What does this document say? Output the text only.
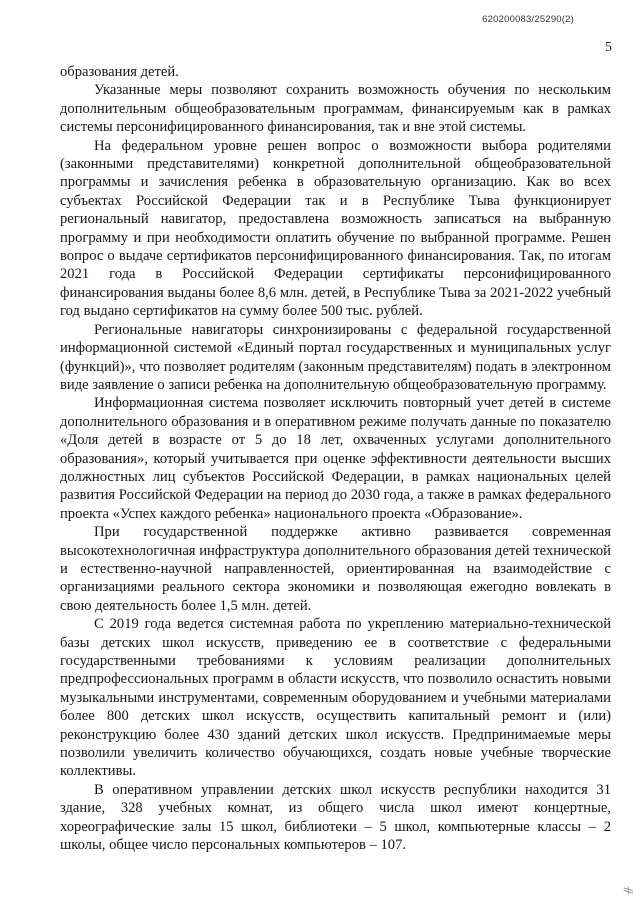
620200083/25290(2)
5

образования детей.

Указанные меры позволяют сохранить возможность обучения по нескольким дополнительным общеобразовательным программам, финансируемым как в рамках системы персонифицированного финансирования, так и вне этой системы.

На федеральном уровне решен вопрос о возможности выбора родителями (законными представителями) конкретной дополнительной общеобразовательной программы и зачисления ребенка в образовательную организацию. Как во всех субъектах Российской Федерации так и в Республике Тыва функционирует региональный навигатор, предоставлена возможность записаться на выбранную программу и при необходимости оплатить обучение по выбранной программе. Решен вопрос о выдаче сертификатов персонифицированного финансирования. Так, по итогам 2021 года в Российской Федерации сертификаты персонифицированного финансирования выданы более 8,6 млн. детей, в Республике Тыва за 2021-2022 учебный год выдано сертификатов на сумму более 500 тыс. рублей.

Региональные навигаторы синхронизированы с федеральной государственной информационной системой «Единый портал государственных и муниципальных услуг (функций)», что позволяет родителям (законным представителям) подать в электронном виде заявление о записи ребенка на дополнительную общеобразовательную программу.

Информационная система позволяет исключить повторный учет детей в системе дополнительного образования и в оперативном режиме получать данные по показателю «Доля детей в возрасте от 5 до 18 лет, охваченных услугами дополнительного образования», который учитывается при оценке эффективности деятельности высших должностных лиц субъектов Российской Федерации, в рамках национальных целей развития Российской Федерации на период до 2030 года, а также в рамках федерального проекта «Успех каждого ребенка» национального проекта «Образование».

При государственной поддержке активно развивается современная высокотехнологичная инфраструктура дополнительного образования детей технической и естественно-научной направленностей, ориентированная на взаимодействие с организациями реального сектора экономики и позволяющая ежегодно вовлекать в свою деятельность более 1,5 млн. детей.

С 2019 года ведется системная работа по укреплению материально-технической базы детских школ искусств, приведению ее в соответствие с федеральными государственными требованиями к условиям реализации дополнительных предпрофессиональных программ в области искусств, что позволило оснастить новыми музыкальными инструментами, современным оборудованием и учебными материалами более 800 детских школ искусств, осуществить капитальный ремонт и (или) реконструкцию более 430 зданий детских школ искусств. Предпринимаемые меры позволили увеличить количество обучающихся, создать новые учебные творческие коллективы.

В оперативном управлении детских школ искусств республики находится 31 здание, 328 учебных комнат, из общего числа школ имеют концертные, хореографические залы 15 школ, библиотеки – 5 школ, компьютерные классы – 2 школы, общее число персональных компьютеров – 107.

ᚌ
